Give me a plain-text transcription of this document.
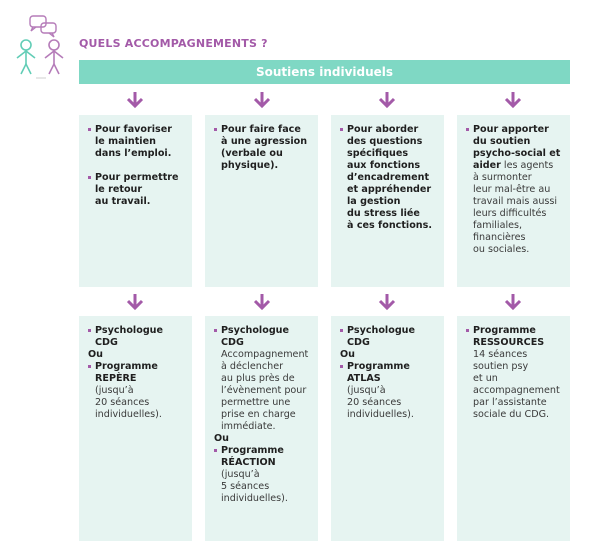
QUELS ACCOMPAGNEMENTS ?
Soutiens individuels
Pour favoriser
le maintien
dans l’emploi.
Pour permettre
le retour
au travail.
Pour faire face
à une agression
(verbale ou
physique).
Pour aborder
des questions
spécifiques
aux fonctions
d’encadrement
et appréhender
la gestion
du stress liée
à ces fonctions.
Pour apporter
du soutien
psycho-social et
aider les agents
à surmonter
leur mal-être au
travail mais aussi
leurs difficultés
familiales,
financières
ou sociales.
Psychologue
CDG
Ou
Programme
REPÈRE
(jusqu’à
20 séances
individuelles).
Psychologue
CDG
Accompagnement
à déclencher
au plus près de
l’évènement pour
permettre une
prise en charge
immédiate.
Ou
Programme
RÉACTION
(jusqu’à
5 séances
individuelles).
Psychologue
CDG
Ou
Programme
ATLAS
(jusqu’à
20 séances
individuelles).
Programme
RESSOURCES
14 séances
soutien psy
et un
accompagnement
par l’assistante
sociale du CDG.
